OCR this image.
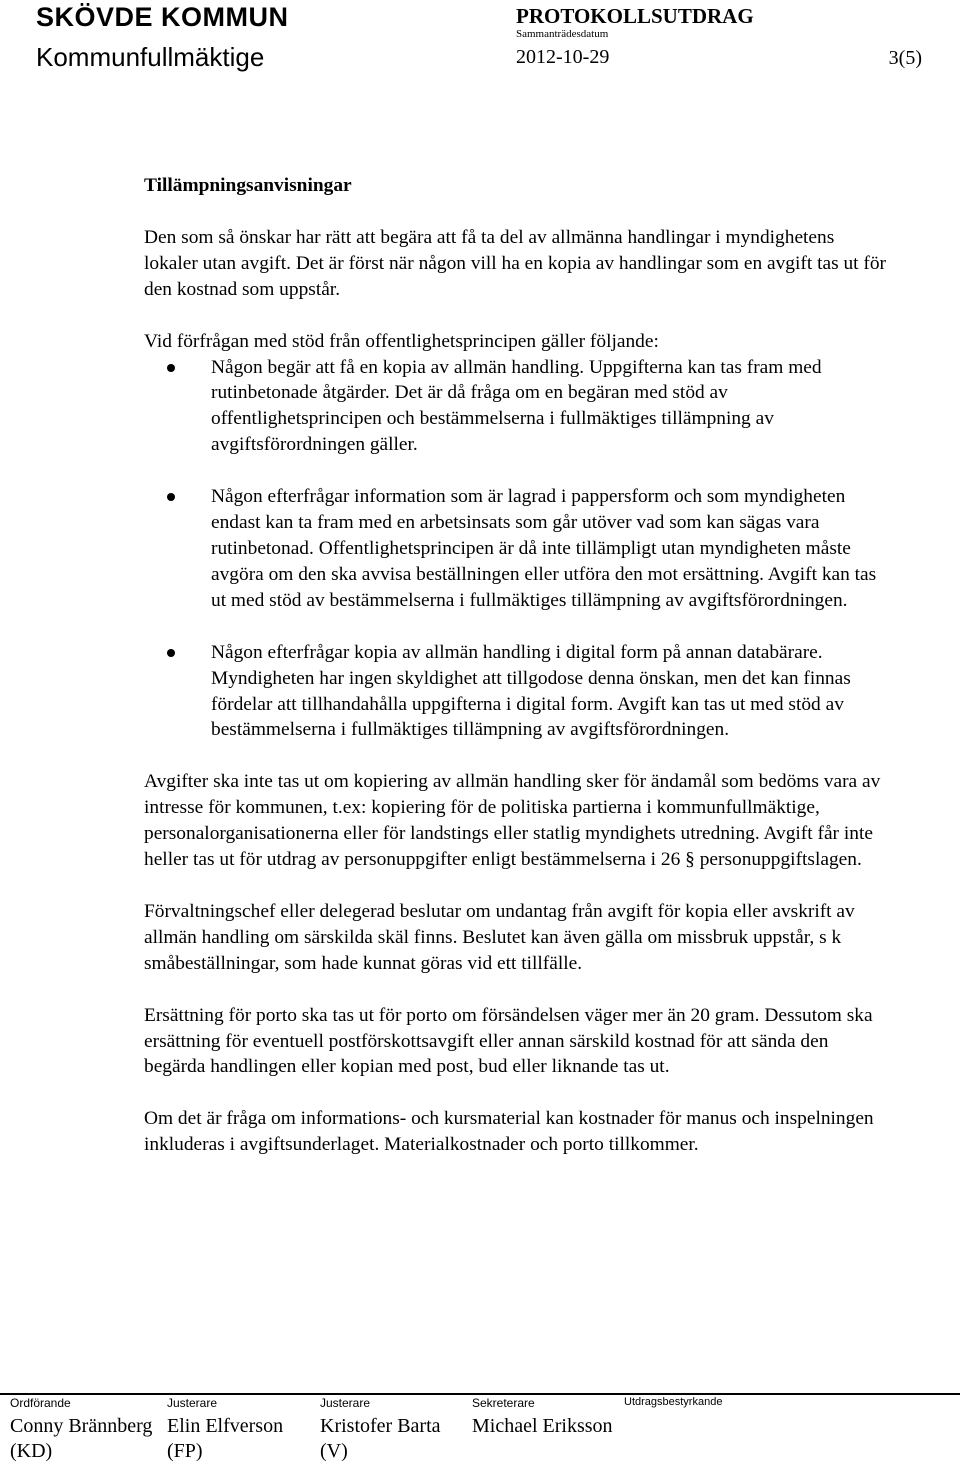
SKÖVDE KOMMUN
Kommunfullmäktige
PROTOKOLLSUTDRAG
Sammanträdesdatum
2012-10-29	3(5)

Tillämpningsanvisningar

Den som så önskar har rätt att begära att få ta del av allmänna handlingar i myndighetens lokaler utan avgift. Det är först när någon vill ha en kopia av handlingar som en avgift tas ut för den kostnad som uppstår.

Vid förfrågan med stöd från offentlighetsprincipen gäller följande:

Någon begär att få en kopia av allmän handling. Uppgifterna kan tas fram med rutinbetonade åtgärder. Det är då fråga om en begäran med stöd av offentlighetsprincipen och bestämmelserna i fullmäktiges tillämpning av avgiftsförordningen gäller.
Någon efterfrågar information som är lagrad i pappersform och som myndigheten endast kan ta fram med en arbetsinsats som går utöver vad som kan sägas vara rutinbetonad. Offentlighetsprincipen är då inte tillämpligt utan myndigheten måste avgöra om den ska avvisa beställningen eller utföra den mot ersättning. Avgift kan tas ut med stöd av bestämmelserna i fullmäktiges tillämpning av avgiftsförordningen.
Någon efterfrågar kopia av allmän handling i digital form på annan databärare. Myndigheten har ingen skyldighet att tillgodose denna önskan, men det kan finnas fördelar att tillhandahålla uppgifterna i digital form. Avgift kan tas ut med stöd av bestämmelserna i fullmäktiges tillämpning av avgiftsförordningen.

Avgifter ska inte tas ut om kopiering av allmän handling sker för ändamål som bedöms vara av intresse för kommunen, t.ex: kopiering för de politiska partierna i kommunfullmäktige, personalorganisationerna eller för landstings eller statlig myndighets utredning. Avgift får inte heller tas ut för utdrag av personuppgifter enligt bestämmelserna i 26 § personuppgiftslagen.

Förvaltningschef eller delegerad beslutar om undantag från avgift för kopia eller avskrift av allmän handling om särskilda skäl finns. Beslutet kan även gälla om missbruk uppstår, s k småbeställningar, som hade kunnat göras vid ett tillfälle.

Ersättning för porto ska tas ut för porto om försändelsen väger mer än 20 gram. Dessutom ska ersättning för eventuell postförskottsavgift eller annan särskild kostnad för att sända den begärda handlingen eller kopian med post, bud eller liknande tas ut.

Om det är fråga om informations- och kursmaterial kan kostnader för manus och inspelningen inkluderas i avgiftsunderlaget. Materialkostnader och porto tillkommer.

Ordförande
Conny Brännberg (KD)
Justerare
Elin Elfverson (FP)
Justerare
Kristofer Barta (V)
Sekreterare
Michael Eriksson
Utdragsbestyrkande
